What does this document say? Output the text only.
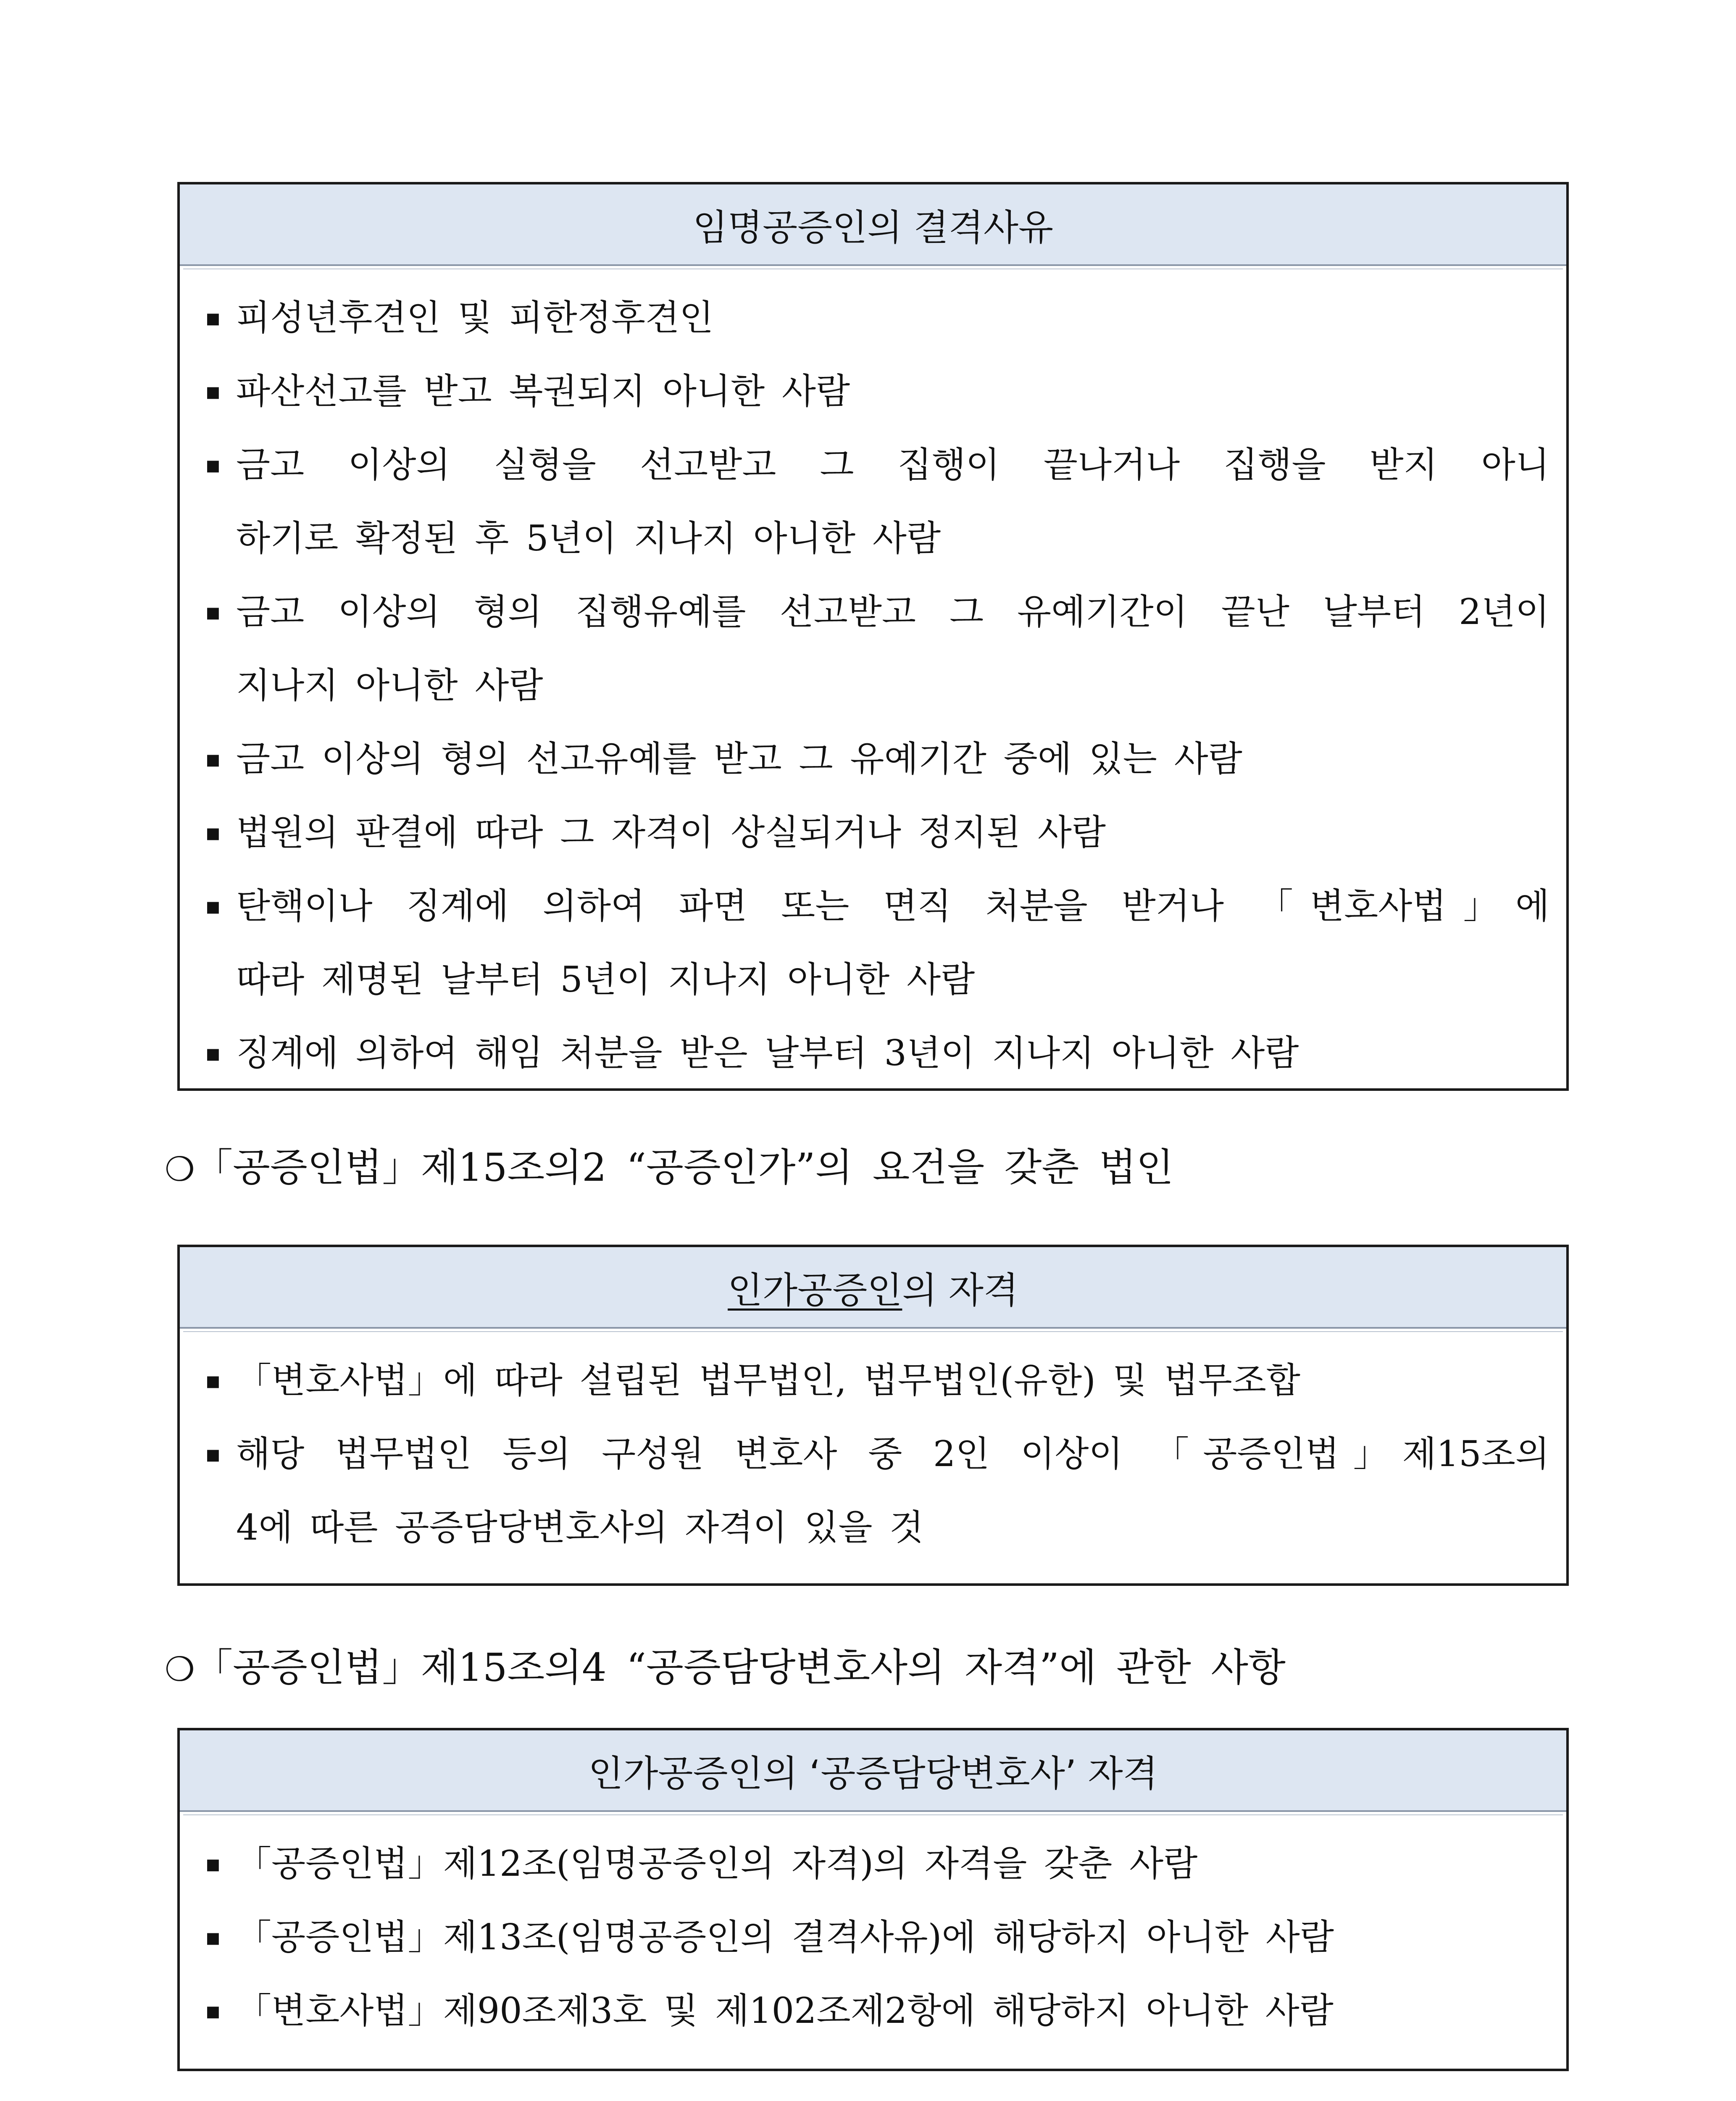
임명공증인의 결격사유
▪ 피성년후견인 및 피한정후견인
▪ 파산선고를 받고 복권되지 아니한 사람
▪ 금고 이상의 실형을 선고받고 그 집행이 끝나거나 집행을 받지 아니
하기로 확정된 후 5년이 지나지 아니한 사람
▪ 금고 이상의 형의 집행유예를 선고받고 그 유예기간이 끝난 날부터 2년이
지나지 아니한 사람
▪ 금고 이상의 형의 선고유예를 받고 그 유예기간 중에 있는 사람
▪ 법원의 판결에 따라 그 자격이 상실되거나 정지된 사람
▪ 탄핵이나 징계에 의하여 파면 또는 면직 처분을 받거나 「변호사법」에
따라 제명된 날부터 5년이 지나지 아니한 사람
▪ 징계에 의하여 해임 처분을 받은 날부터 3년이 지나지 아니한 사람
❍「공증인법」제15조의2 “공증인가”의 요건을 갖춘 법인
인가공증인 의 자격
▪ 「변호사법」에 따라 설립된 법무법인, 법무법인(유한) 및 법무조합
▪ 해당 법무법인 등의 구성원 변호사 중 2인 이상이 「공증인법」제15조의
4에 따른 공증담당변호사의 자격이 있을 것
❍「공증인법」제15조의4 “공증담당변호사의 자격”에 관한 사항
인가공증인의 ‘공증담당변호사’ 자격
▪ 「공증인법」제12조(임명공증인의 자격)의 자격을 갖춘 사람
▪ 「공증인법」제13조(임명공증인의 결격사유)에 해당하지 아니한 사람
▪ 「변호사법」제90조제3호 및 제102조제2항에 해당하지 아니한 사람
